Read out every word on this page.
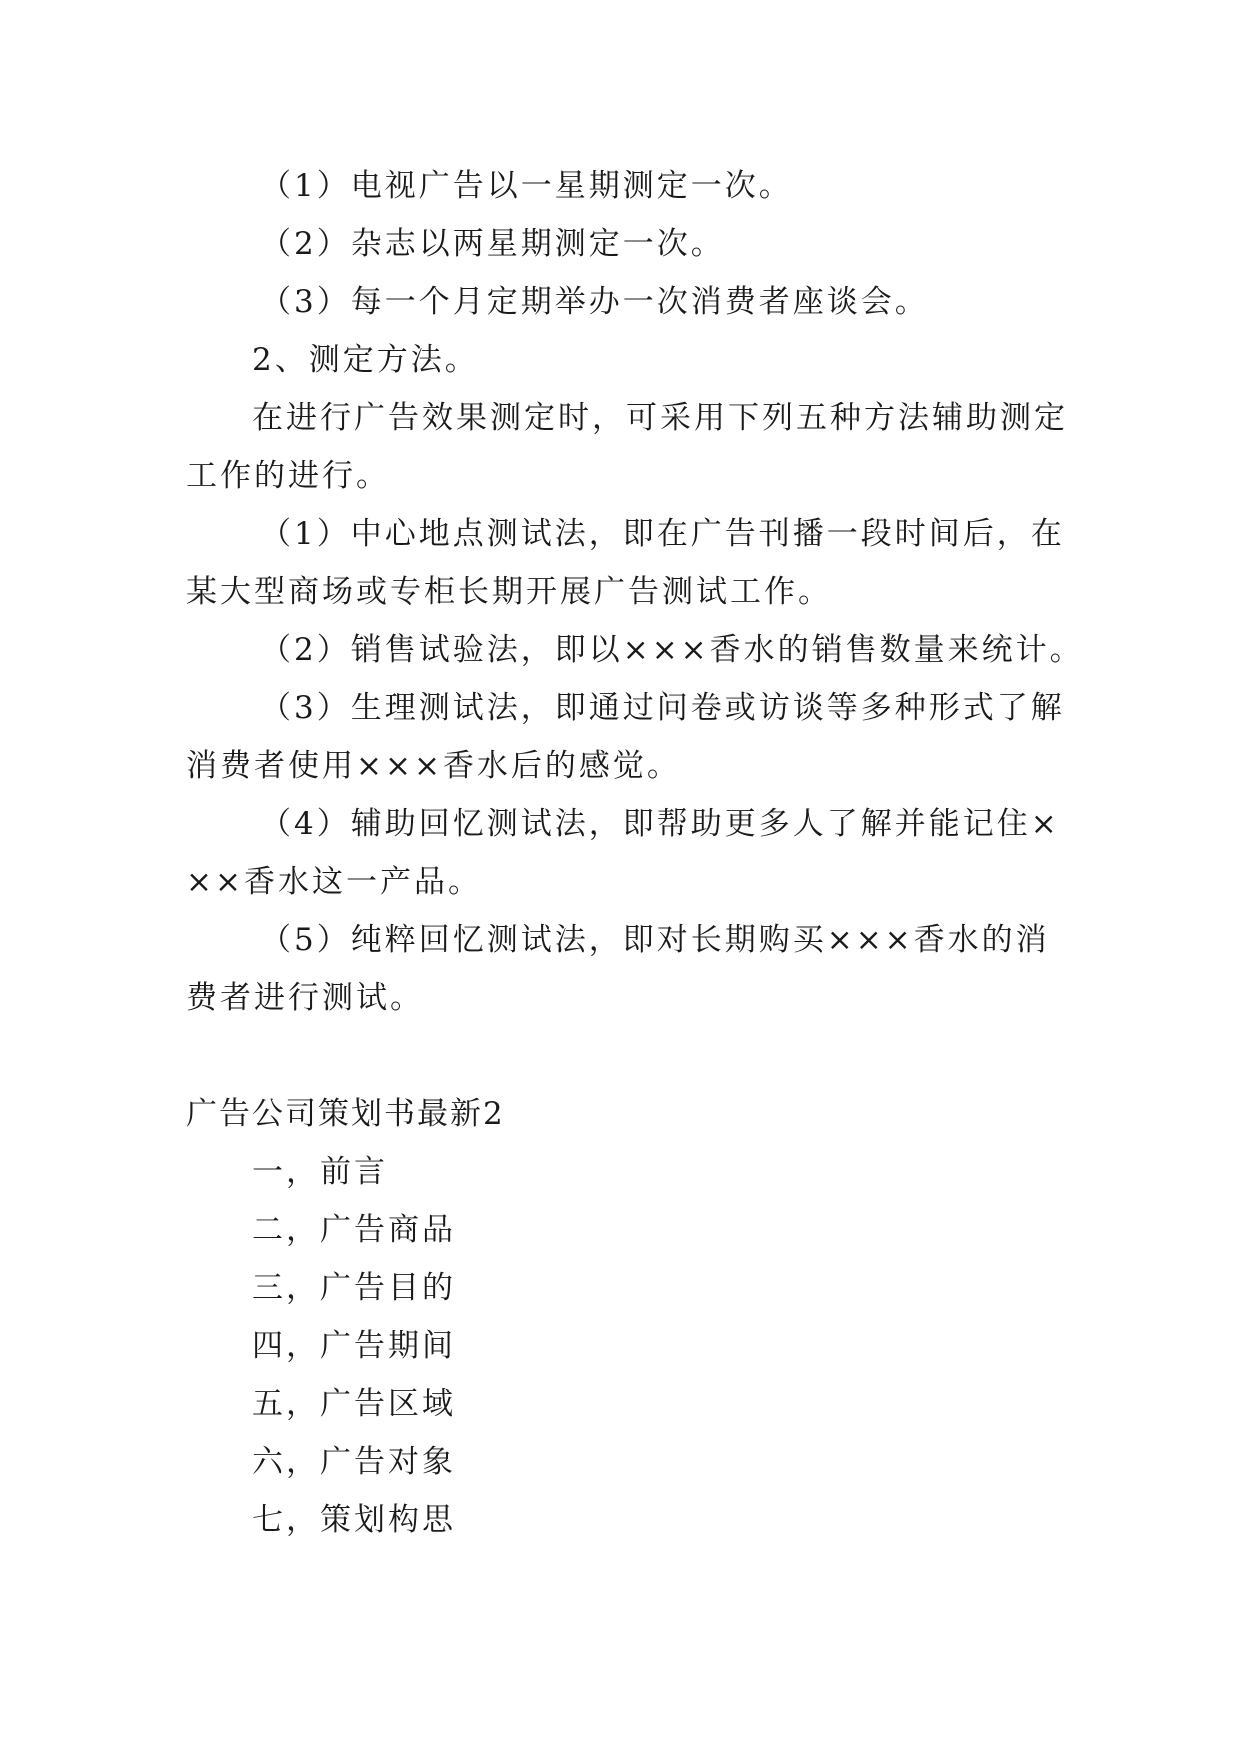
（1）电视广告以一星期测定一次。
（2）杂志以两星期测定一次。
（3）每一个月定期举办一次消费者座谈会。
2、测定方法。
在进行广告效果测定时，可采用下列五种方法辅助测定
工作的进行。
（1）中心地点测试法，即在广告刊播一段时间后，在
某大型商场或专柜长期开展广告测试工作。
（2）销售试验法，即以×××香水的销售数量来统计。
（3）生理测试法，即通过问卷或访谈等多种形式了解
消费者使用×××香水后的感觉。
（4）辅助回忆测试法，即帮助更多人了解并能记住×
××香水这一产品。
（5）纯粹回忆测试法，即对长期购买×××香水的消
费者进行测试。
广告公司策划书最新2
一，前言
二，广告商品
三，广告目的
四，广告期间
五，广告区域
六，广告对象
七，策划构思
